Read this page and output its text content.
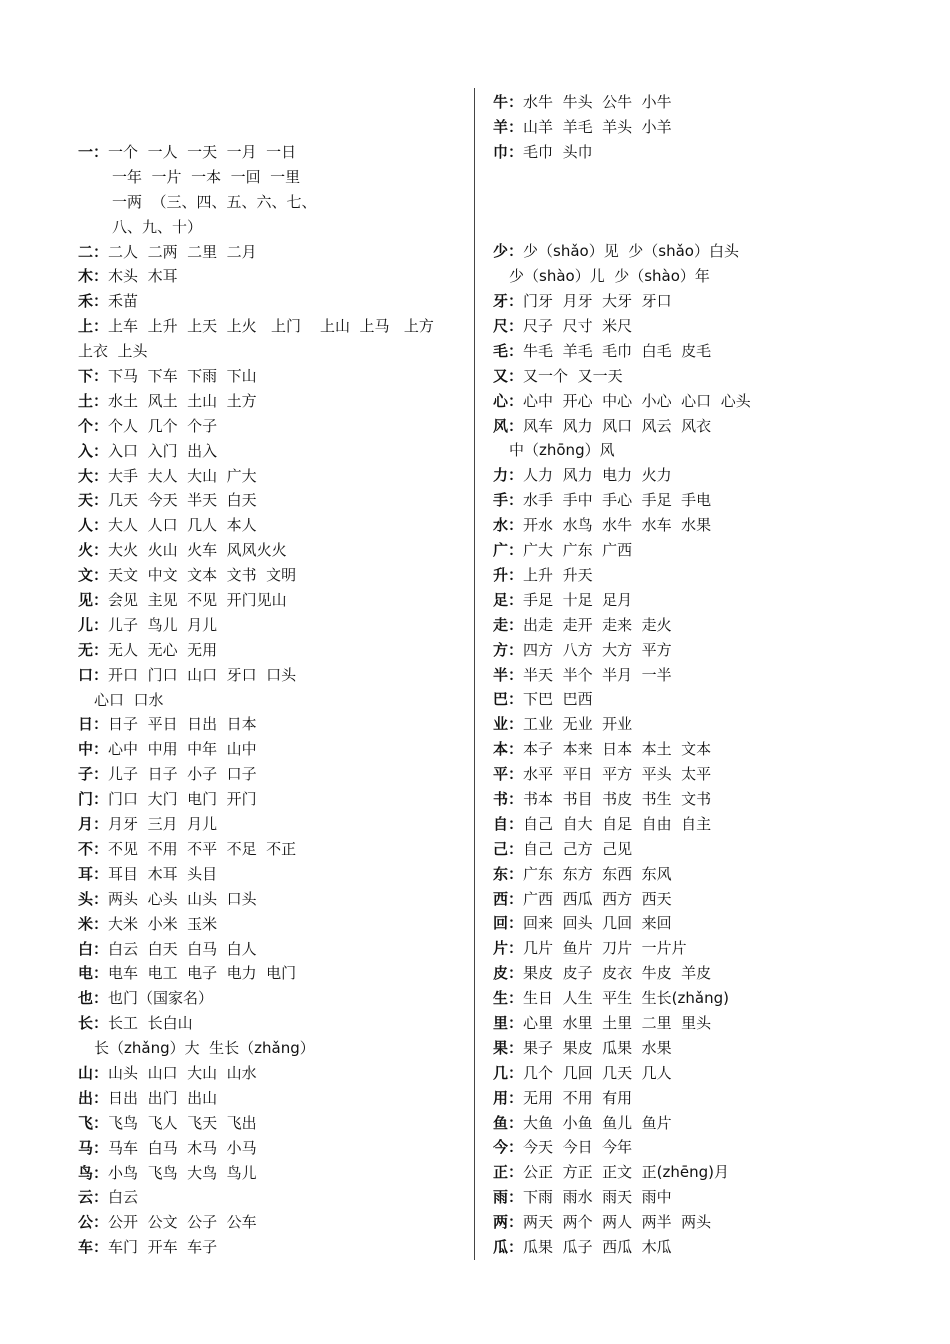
一：一个  一人  一天  一月  一日
一年  一片  一本  一回  一里
一两  （三、四、五、六、七、
八、九、十）
二：二人  二两  二里  二月
木：木头  木耳
禾：禾苗
上：上车  上升  上天  上火   上门    上山  上马   上方
上衣  上头
下：下马  下车  下雨  下山
土：水土  风土  土山  土方
个：个人  几个  个子
入：入口  入门  出入
大：大手  大人  大山  广大
天：几天  今天  半天  白天
人：大人  人口  几人  本人
火：大火  火山  火车  风风火火
文：天文  中文  文本  文书  文明
见：会见  主见  不见  开门见山
儿：儿子  鸟儿  月儿
无：无人  无心  无用
口：开口  门口  山口  牙口  口头
心口  口水
日：日子  平日  日出  日本
中：心中  中用  中年  山中
子：儿子  日子  小子  口子
门：门口  大门  电门  开门
月：月牙  三月  月儿
不：不见  不用  不平  不足  不正
耳：耳目  木耳  头目
头：两头  心头  山头  口头
米：大米  小米  玉米
白：白云  白天  白马  白人
电：电车  电工  电子  电力  电门
也：也门（国家名）
长：长工  长白山
长（zhǎng）大  生长（zhǎng）
山：山头  山口  大山  山水
出：日出  出门  出山
飞：飞鸟  飞人  飞天  飞出
马：马车  白马  木马  小马
鸟：小鸟  飞鸟  大鸟  鸟儿
云：白云
公：公开  公文  公子  公车
车：车门  开车  车子
牛：水牛  牛头  公牛  小牛
羊：山羊  羊毛  羊头  小羊
巾：毛巾  头巾
少：少（shǎo）见  少（shǎo）白头
少（shào）儿  少（shào）年
牙：门牙  月牙  大牙  牙口
尺：尺子  尺寸  米尺
毛：牛毛  羊毛  毛巾  白毛  皮毛
又：又一个  又一天
心：心中  开心  中心  小心  心口  心头
风：风车  风力  风口  风云  风衣
中（zhōng）风
力：人力  风力  电力  火力
手：水手  手中  手心  手足  手电
水：开水  水鸟  水牛  水车  水果
广：广大  广东  广西
升：上升  升天
足：手足  十足  足月
走：出走  走开  走来  走火
方：四方  八方  大方  平方
半：半天  半个  半月  一半
巴：下巴  巴西
业：工业  无业  开业
本：本子  本来  日本  本土  文本
平：水平  平日  平方  平头  太平
书：书本  书目  书皮  书生  文书
自：自己  自大  自足  自由  自主
己：自己  己方  己见
东：广东  东方  东西  东风
西：广西  西瓜  西方  西天
回：回来  回头  几回  来回
片：几片  鱼片  刀片  一片片
皮：果皮  皮子  皮衣  牛皮  羊皮
生：生日  人生  平生  生长(zhǎng)
里：心里  水里  土里  二里  里头
果：果子  果皮  瓜果  水果
几：几个  几回  几天  几人
用：无用  不用  有用
鱼：大鱼  小鱼  鱼儿  鱼片
今：今天  今日  今年
正：公正  方正  正文  正(zhēng)月
雨：下雨  雨水  雨天  雨中
两：两天  两个  两人  两半  两头
瓜：瓜果  瓜子  西瓜  木瓜
